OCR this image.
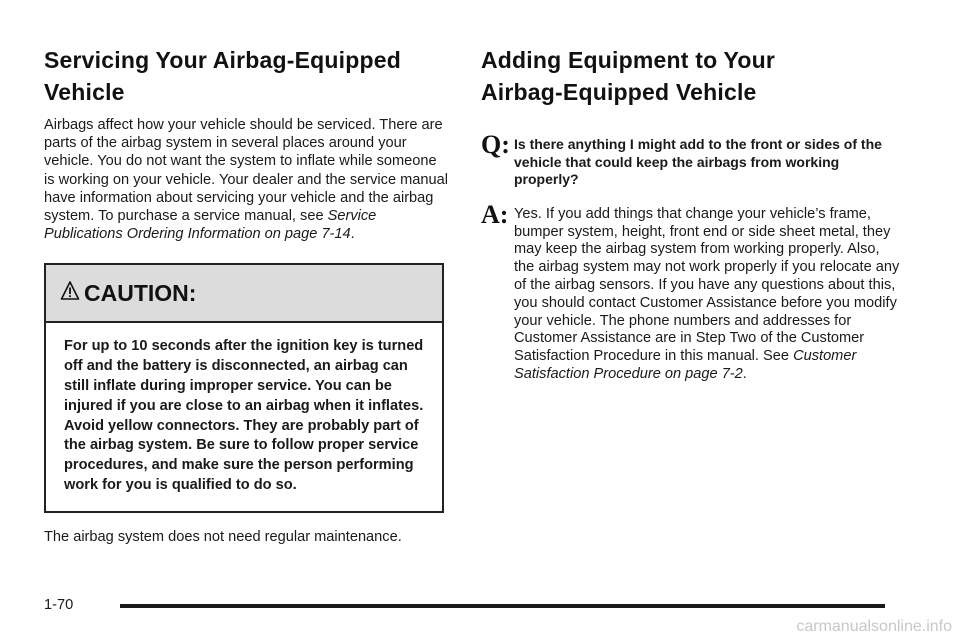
Servicing Your Airbag-Equipped
Vehicle

Airbags affect how your vehicle should be serviced. There are parts of the airbag system in several places around your vehicle. You do not want the system to inflate while someone is working on your vehicle. Your dealer and the service manual have information about servicing your vehicle and the airbag system. To purchase a service manual, see Service Publications Ordering Information on page 7-14.

CAUTION:
For up to 10 seconds after the ignition key is turned off and the battery is disconnected, an airbag can still inflate during improper service. You can be injured if you are close to an airbag when it inflates. Avoid yellow connectors. They are probably part of the airbag system. Be sure to follow proper service procedures, and make sure the person performing work for you is qualified to do so.

The airbag system does not need regular maintenance.

Adding Equipment to Your
Airbag-Equipped Vehicle
Q: Is there anything I might add to the front or sides of the vehicle that could keep the airbags from working properly?
A: Yes. If you add things that change your vehicle’s frame, bumper system, height, front end or side sheet metal, they may keep the airbag system from working properly. Also, the airbag system may not work properly if you relocate any of the airbag sensors. If you have any questions about this, you should contact Customer Assistance before you modify your vehicle. The phone numbers and addresses for Customer Assistance are in Step Two of the Customer Satisfaction Procedure in this manual. See Customer Satisfaction Procedure on page 7-2.
1-70
carmanualsonline.info
